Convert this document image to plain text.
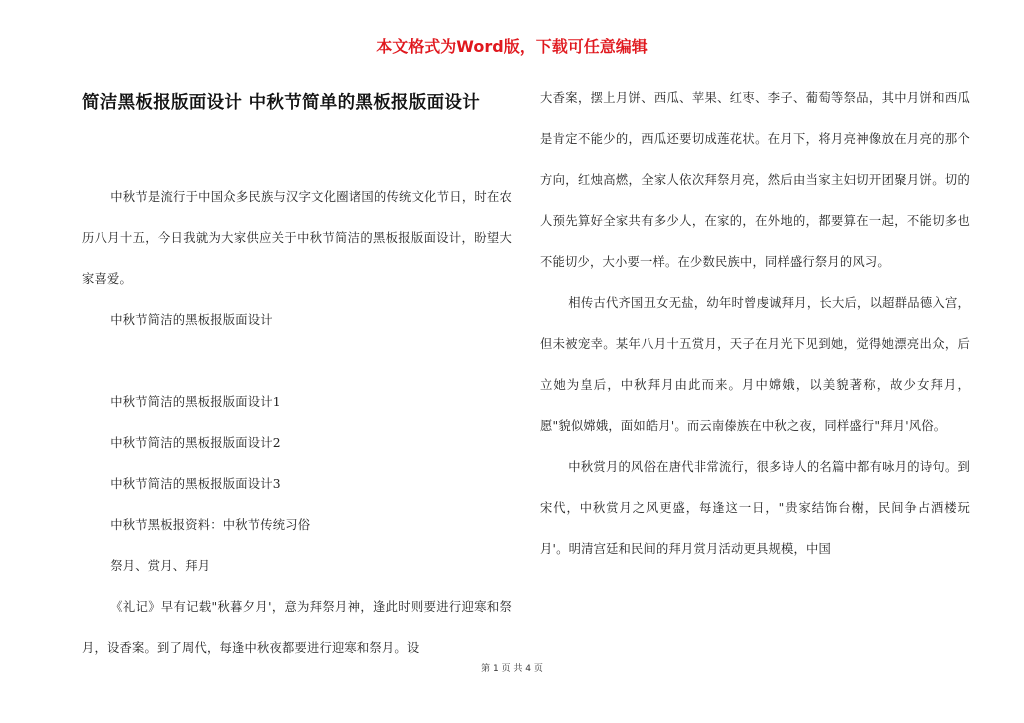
本文格式为Word版，下载可任意编辑
简洁黑板报版面设计 中秋节简单的黑板报版面设计

中秋节是流行于中国众多民族与汉字文化圈诸国的传统文化节日，时在农历八月十五，今日我就为大家供应关于中秋节简洁的黑板报版面设计，盼望大家喜爱。

中秋节简洁的黑板报版面设计

中秋节简洁的黑板报版面设计1

中秋节简洁的黑板报版面设计2

中秋节简洁的黑板报版面设计3

中秋节黑板报资料：中秋节传统习俗

祭月、赏月、拜月

《礼记》早有记载"秋暮夕月'，意为拜祭月神，逢此时则要进行迎寒和祭月，设香案。到了周代，每逢中秋夜都要进行迎寒和祭月。设

大香案，摆上月饼、西瓜、苹果、红枣、李子、葡萄等祭品，其中月饼和西瓜是肯定不能少的，西瓜还要切成莲花状。在月下，将月亮神像放在月亮的那个方向，红烛高燃，全家人依次拜祭月亮，然后由当家主妇切开团聚月饼。切的人预先算好全家共有多少人，在家的，在外地的，都要算在一起，不能切多也不能切少，大小要一样。在少数民族中，同样盛行祭月的风习。

相传古代齐国丑女无盐，幼年时曾虔诚拜月，长大后，以超群品德入宫，但未被宠幸。某年八月十五赏月，天子在月光下见到她，觉得她漂亮出众，后立她为皇后，中秋拜月由此而来。月中嫦娥，以美貌著称，故少女拜月，愿"貌似嫦娥，面如皓月'。而云南傣族在中秋之夜，同样盛行"拜月'风俗。

中秋赏月的风俗在唐代非常流行，很多诗人的名篇中都有咏月的诗句。到宋代，中秋赏月之风更盛，每逢这一日，"贵家结饰台榭，民间争占酒楼玩月'。明清宫廷和民间的拜月赏月活动更具规模，中国

第 1 页 共 4 页
